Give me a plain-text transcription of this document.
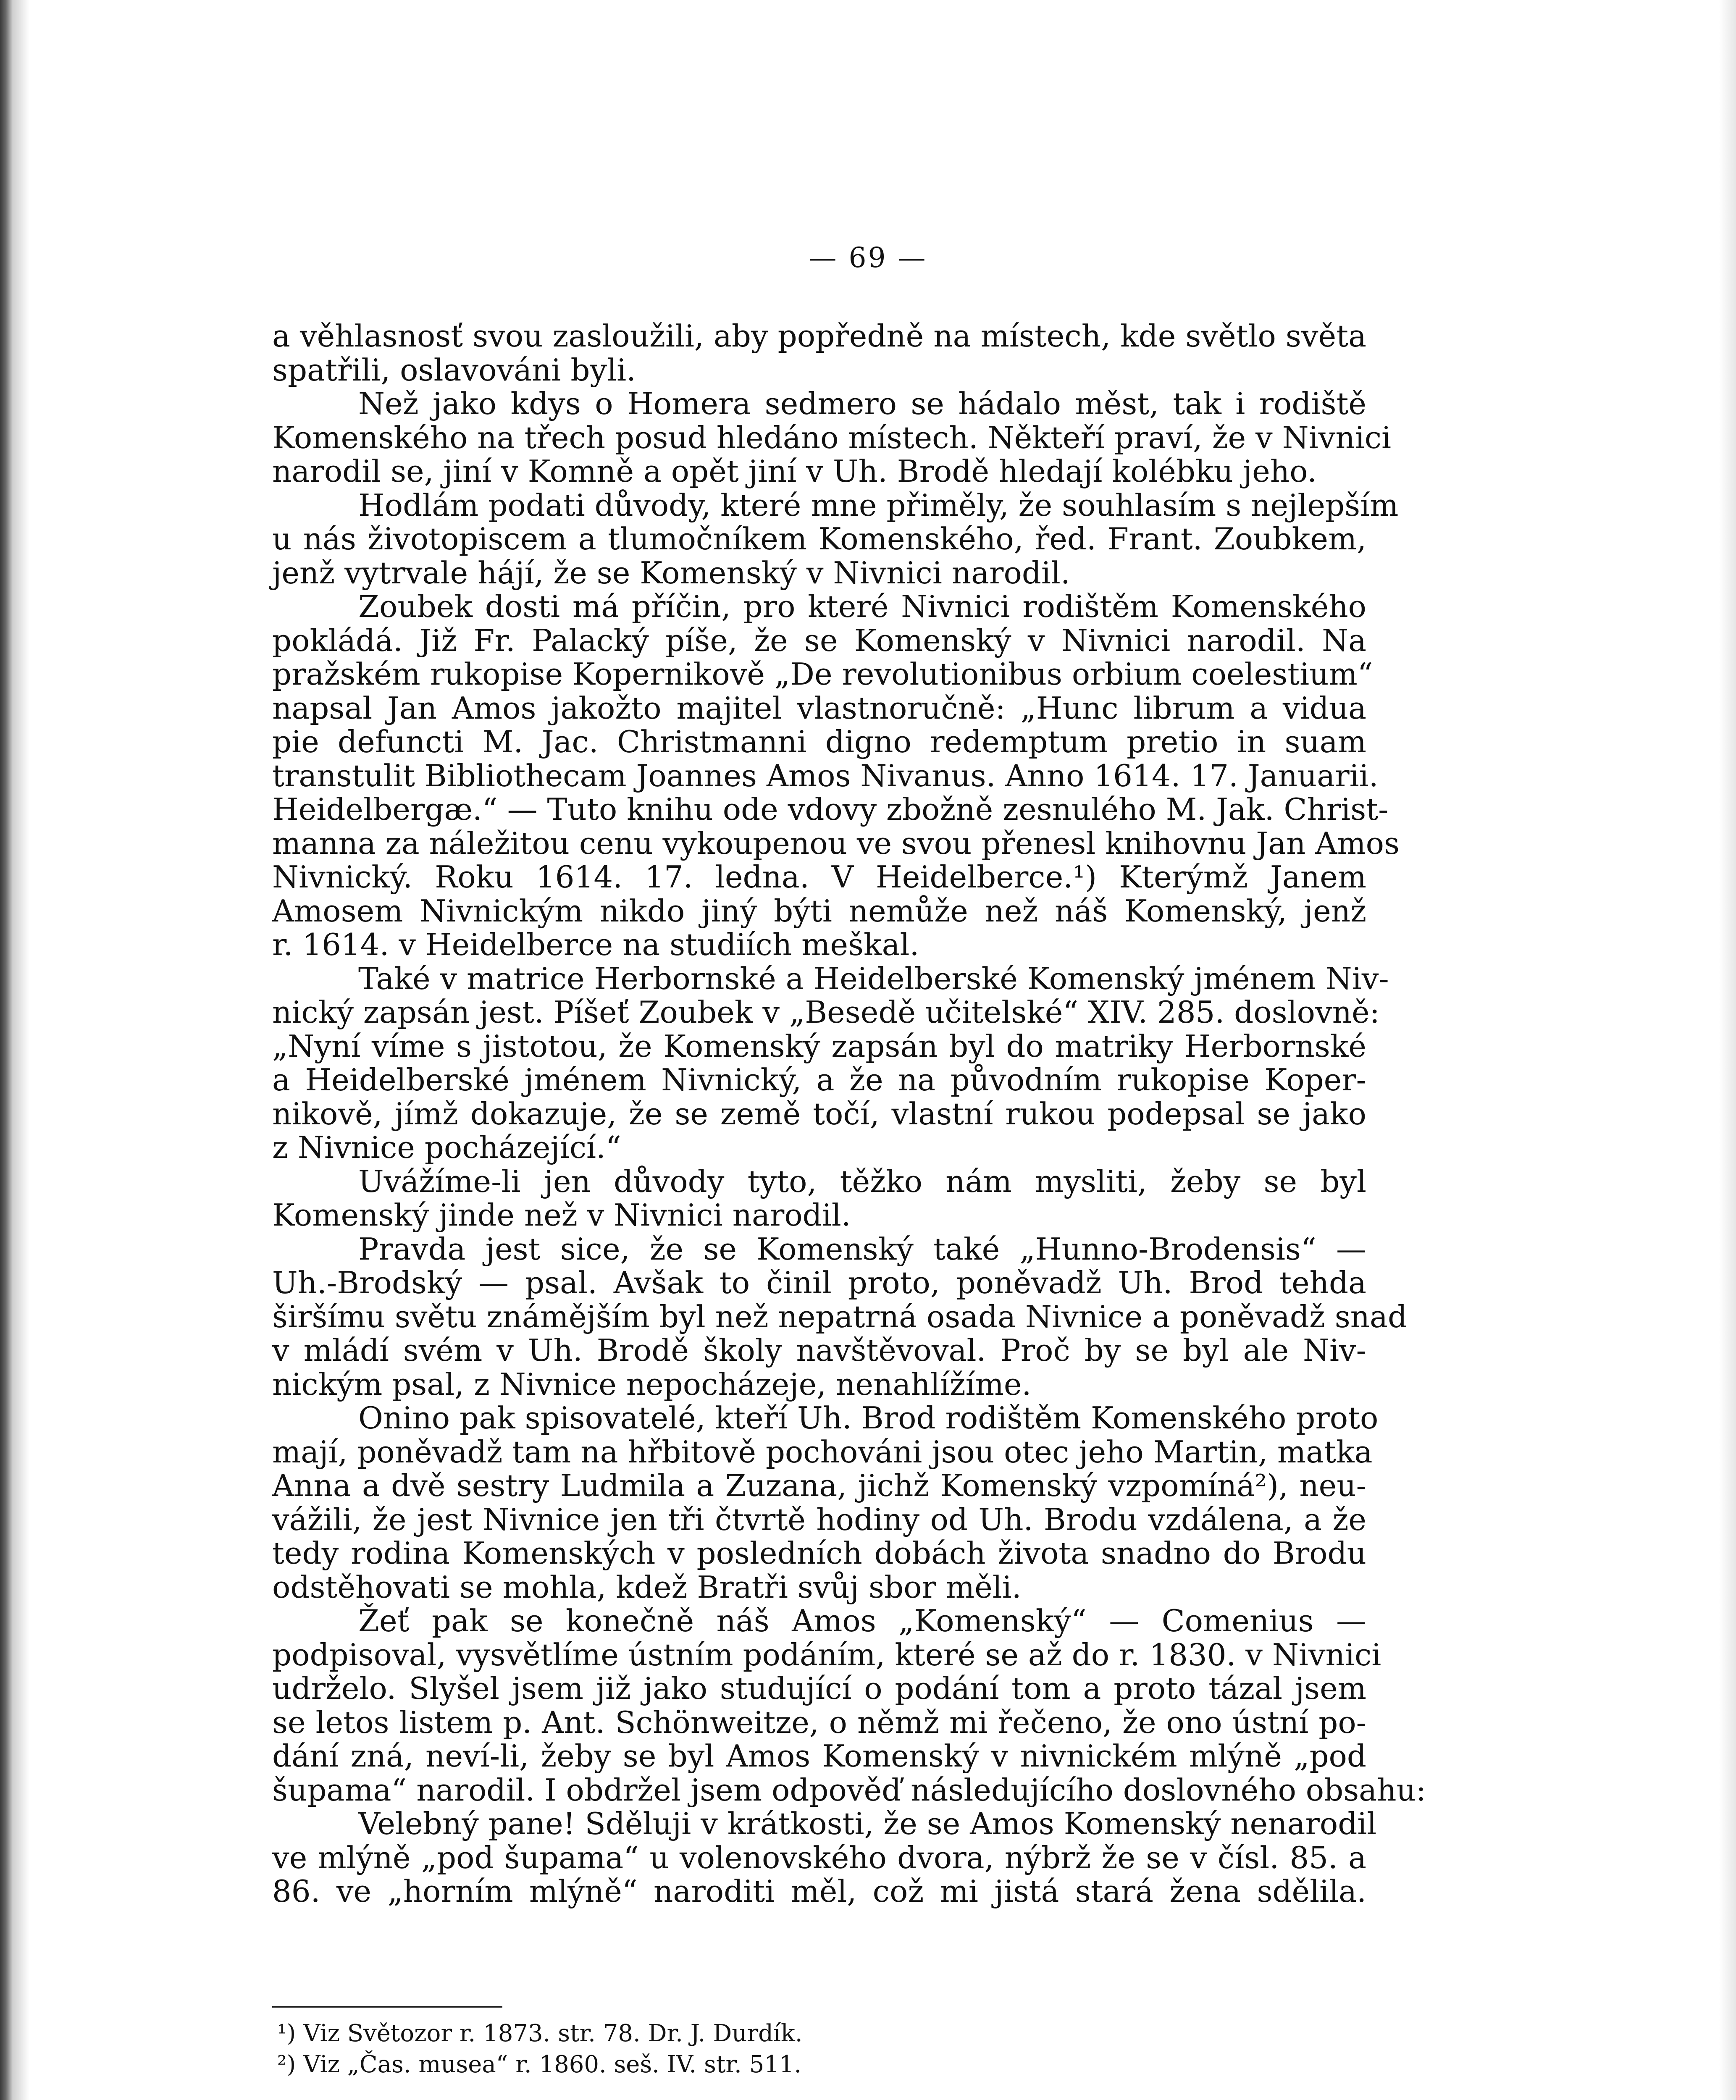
— 69 —
a věhlasnosť svou zasloužili, aby popředně na místech, kde světlo světa
spatřili, oslavováni byli.
Než jako kdys o Homera sedmero se hádalo měst, tak i rodiště
Komenského na třech posud hledáno místech. Někteří praví, že v Nivnici
narodil se, jiní v Komně a opět jiní v Uh. Brodě hledají kolébku jeho.
Hodlám podati důvody, které mne přiměly, že souhlasím s nejlepším
u nás životopiscem a tlumočníkem Komenského, řed. Frant. Zoubkem,
jenž vytrvale hájí, že se Komenský v Nivnici narodil.
Zoubek dosti má příčin, pro které Nivnici rodištěm Komenského
pokládá. Již Fr. Palacký píše, že se Komenský v Nivnici narodil. Na
pražském rukopise Kopernikově „De revolutionibus orbium coelestium“
napsal Jan Amos jakožto majitel vlastnoručně: „Hunc librum a vidua
pie defuncti M. Jac. Christmanni digno redemptum pretio in suam
transtulit Bibliothecam Joannes Amos Nivanus. Anno 1614. 17. Januarii.
Heidelbergæ.“ — Tuto knihu ode vdovy zbožně zesnulého M. Jak. Christ-
manna za náležitou cenu vykoupenou ve svou přenesl knihovnu Jan Amos
Nivnický. Roku 1614. 17. ledna. V Heidelberce.¹) Kterýmž Janem
Amosem Nivnickým nikdo jiný býti nemůže než náš Komenský, jenž
r. 1614. v Heidelberce na studiích meškal.
Také v matrice Herbornské a Heidelberské Komenský jménem Niv-
nický zapsán jest. Píšeť Zoubek v „Besedě učitelské“ XIV. 285. doslovně:
„Nyní víme s jistotou, že Komenský zapsán byl do matriky Herbornské
a Heidelberské jménem Nivnický, a že na původním rukopise Koper-
nikově, jímž dokazuje, že se země točí, vlastní rukou podepsal se jako
z Nivnice pocházející.“
Uvážíme-li jen důvody tyto, těžko nám mysliti, žeby se byl
Komenský jinde než v Nivnici narodil.
Pravda jest sice, že se Komenský také „Hunno-Brodensis“ —
Uh.-Brodský — psal. Avšak to činil proto, poněvadž Uh. Brod tehda
širšímu světu známějším byl než nepatrná osada Nivnice a poněvadž snad
v mládí svém v Uh. Brodě školy navštěvoval. Proč by se byl ale Niv-
nickým psal, z Nivnice nepocházeje, nenahlížíme.
Onino pak spisovatelé, kteří Uh. Brod rodištěm Komenského proto
mají, poněvadž tam na hřbitově pochováni jsou otec jeho Martin, matka
Anna a dvě sestry Ludmila a Zuzana, jichž Komenský vzpomíná²), neu-
vážili, že jest Nivnice jen tři čtvrtě hodiny od Uh. Brodu vzdálena, a že
tedy rodina Komenských v posledních dobách života snadno do Brodu
odstěhovati se mohla, kdež Bratři svůj sbor měli.
Žeť pak se konečně náš Amos „Komenský“ — Comenius —
podpisoval, vysvětlíme ústním podáním, které se až do r. 1830. v Nivnici
udrželo. Slyšel jsem již jako studující o podání tom a proto tázal jsem
se letos listem p. Ant. Schönweitze, o němž mi řečeno, že ono ústní po-
dání zná, neví-li, žeby se byl Amos Komenský v nivnickém mlýně „pod
šupama“ narodil. I obdržel jsem odpověď následujícího doslovného obsahu:
Velebný pane! Sděluji v krátkosti, že se Amos Komenský nenarodil
ve mlýně „pod šupama“ u volenovského dvora, nýbrž že se v čísl. 85. a
86. ve „horním mlýně“ naroditi měl, což mi jistá stará žena sdělila.
¹) Viz Světozor r. 1873. str. 78. Dr. J. Durdík.
²) Viz „Čas. musea“ r. 1860. seš. IV. str. 511.
